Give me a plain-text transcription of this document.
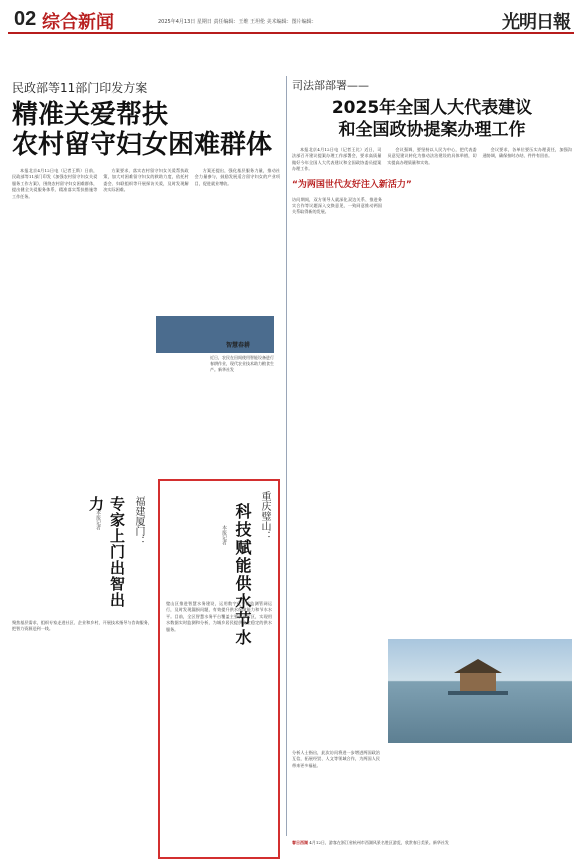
02 综合新闻	2025年4月13日 星期日 责任编辑：王维 王坦伦 美术编辑：图片编辑：	光明日報
民政部等11部门印发方案
精准关爱帮扶
农村留守妇女困难群体

本报北京4月12日电（记者王斯）日前，民政部等11部门印发《加强农村留守妇女关爱服务工作方案》，围绕农村留守妇女困难群体，提出健全关爱服务体系、精准落实帮扶措施等工作任务。

方案要求，落实农村留守妇女关爱帮扶政策，加大对困难留守妇女的救助力度，依托村委会、妇联组织等开展探访关爱，及时发现解决实际困难。

方案还提出，强化基层服务力量，推动社会力量参与，鼓励发展适合留守妇女的产业项目，促进就业增收。

智慧春耕
近日，农民在田间使用智能设备进行春耕作业，现代农业技术助力粮食生产。新华社发
福建厦门：
专家上门出智出力
本报记者
聚焦基层需求，组织专家走进社区、企业和乡村，开展技术指导与咨询服务，把智力资源送到一线。
重庆璧山：
科技赋能供水节水
本报记者
璧山区推进智慧水务建设，运用数字化手段监测管网运行，及时发现漏损问题，有效提升供水保障能力和节水水平。目前，全区智慧水务平台覆盖主要供水片区，实现用水数据实时监测和分析，为城乡居民提供安全稳定的供水服务。
司法部部署——
2025年全国人大代表建议
和全国政协提案办理工作

本报北京4月12日电（记者王比）近日，司法部召开建议提案办理工作部署会，要求高质量做好今年全国人大代表建议和全国政协委员提案办理工作。

会议强调，要坚持以人民为中心，把代表委员意见建议转化为推动法治建设的具体举措，切实提高办理质量和实效。

会议要求，各单位要压实办理责任，加强沟通协调，确保按时办结、件件有回音。

“为两国世代友好注入新活力”
访问期间，双方领导人就深化双边关系、推进务实合作等议题深入交换意见，一致同意推动两国关系取得新的发展。
分析人士指出，此次访问将进一步增进两国政治互信，拓展经贸、人文等领域合作，为两国人民带来更多福祉。
春日西湖 4月12日，游客在浙江省杭州市西湖风景名胜区游览，欣赏春日美景。新华社发
